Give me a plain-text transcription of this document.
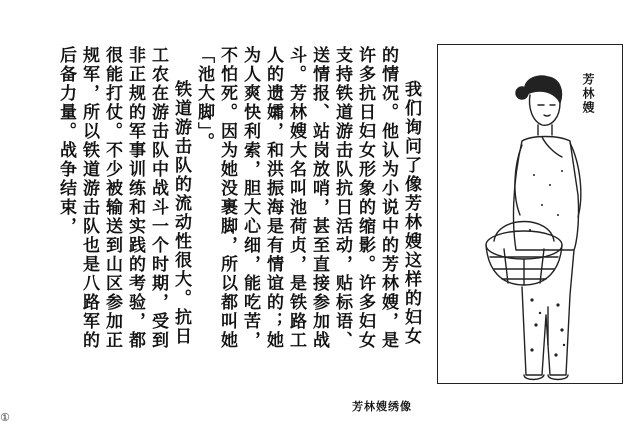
我们询问了像芳林嫂这样的妇女的情况。他认为小说中的芳林嫂，是许多抗日妇女形象的缩影。许多妇女支持铁道游击队抗日活动，贴标语、送情报、站岗放哨，甚至直接参加战斗。芳林嫂大名叫池荷贞，是铁路工人的遗孀，和洪振海是有情谊的；她为人爽快利索，胆大心细，能吃苦，不怕死。因为她没裹脚，所以都叫她「池大脚」。

铁道游击队的流动性很大。抗日工农在游击队中战斗一个时期，受到非正规的军事训练和实践的考验，都很能打仗。不少被输送到山区参加正规军，所以铁道游击队也是八路军的后备力量。战争结束，	芳林嫂
芳林嫂绣像
①
